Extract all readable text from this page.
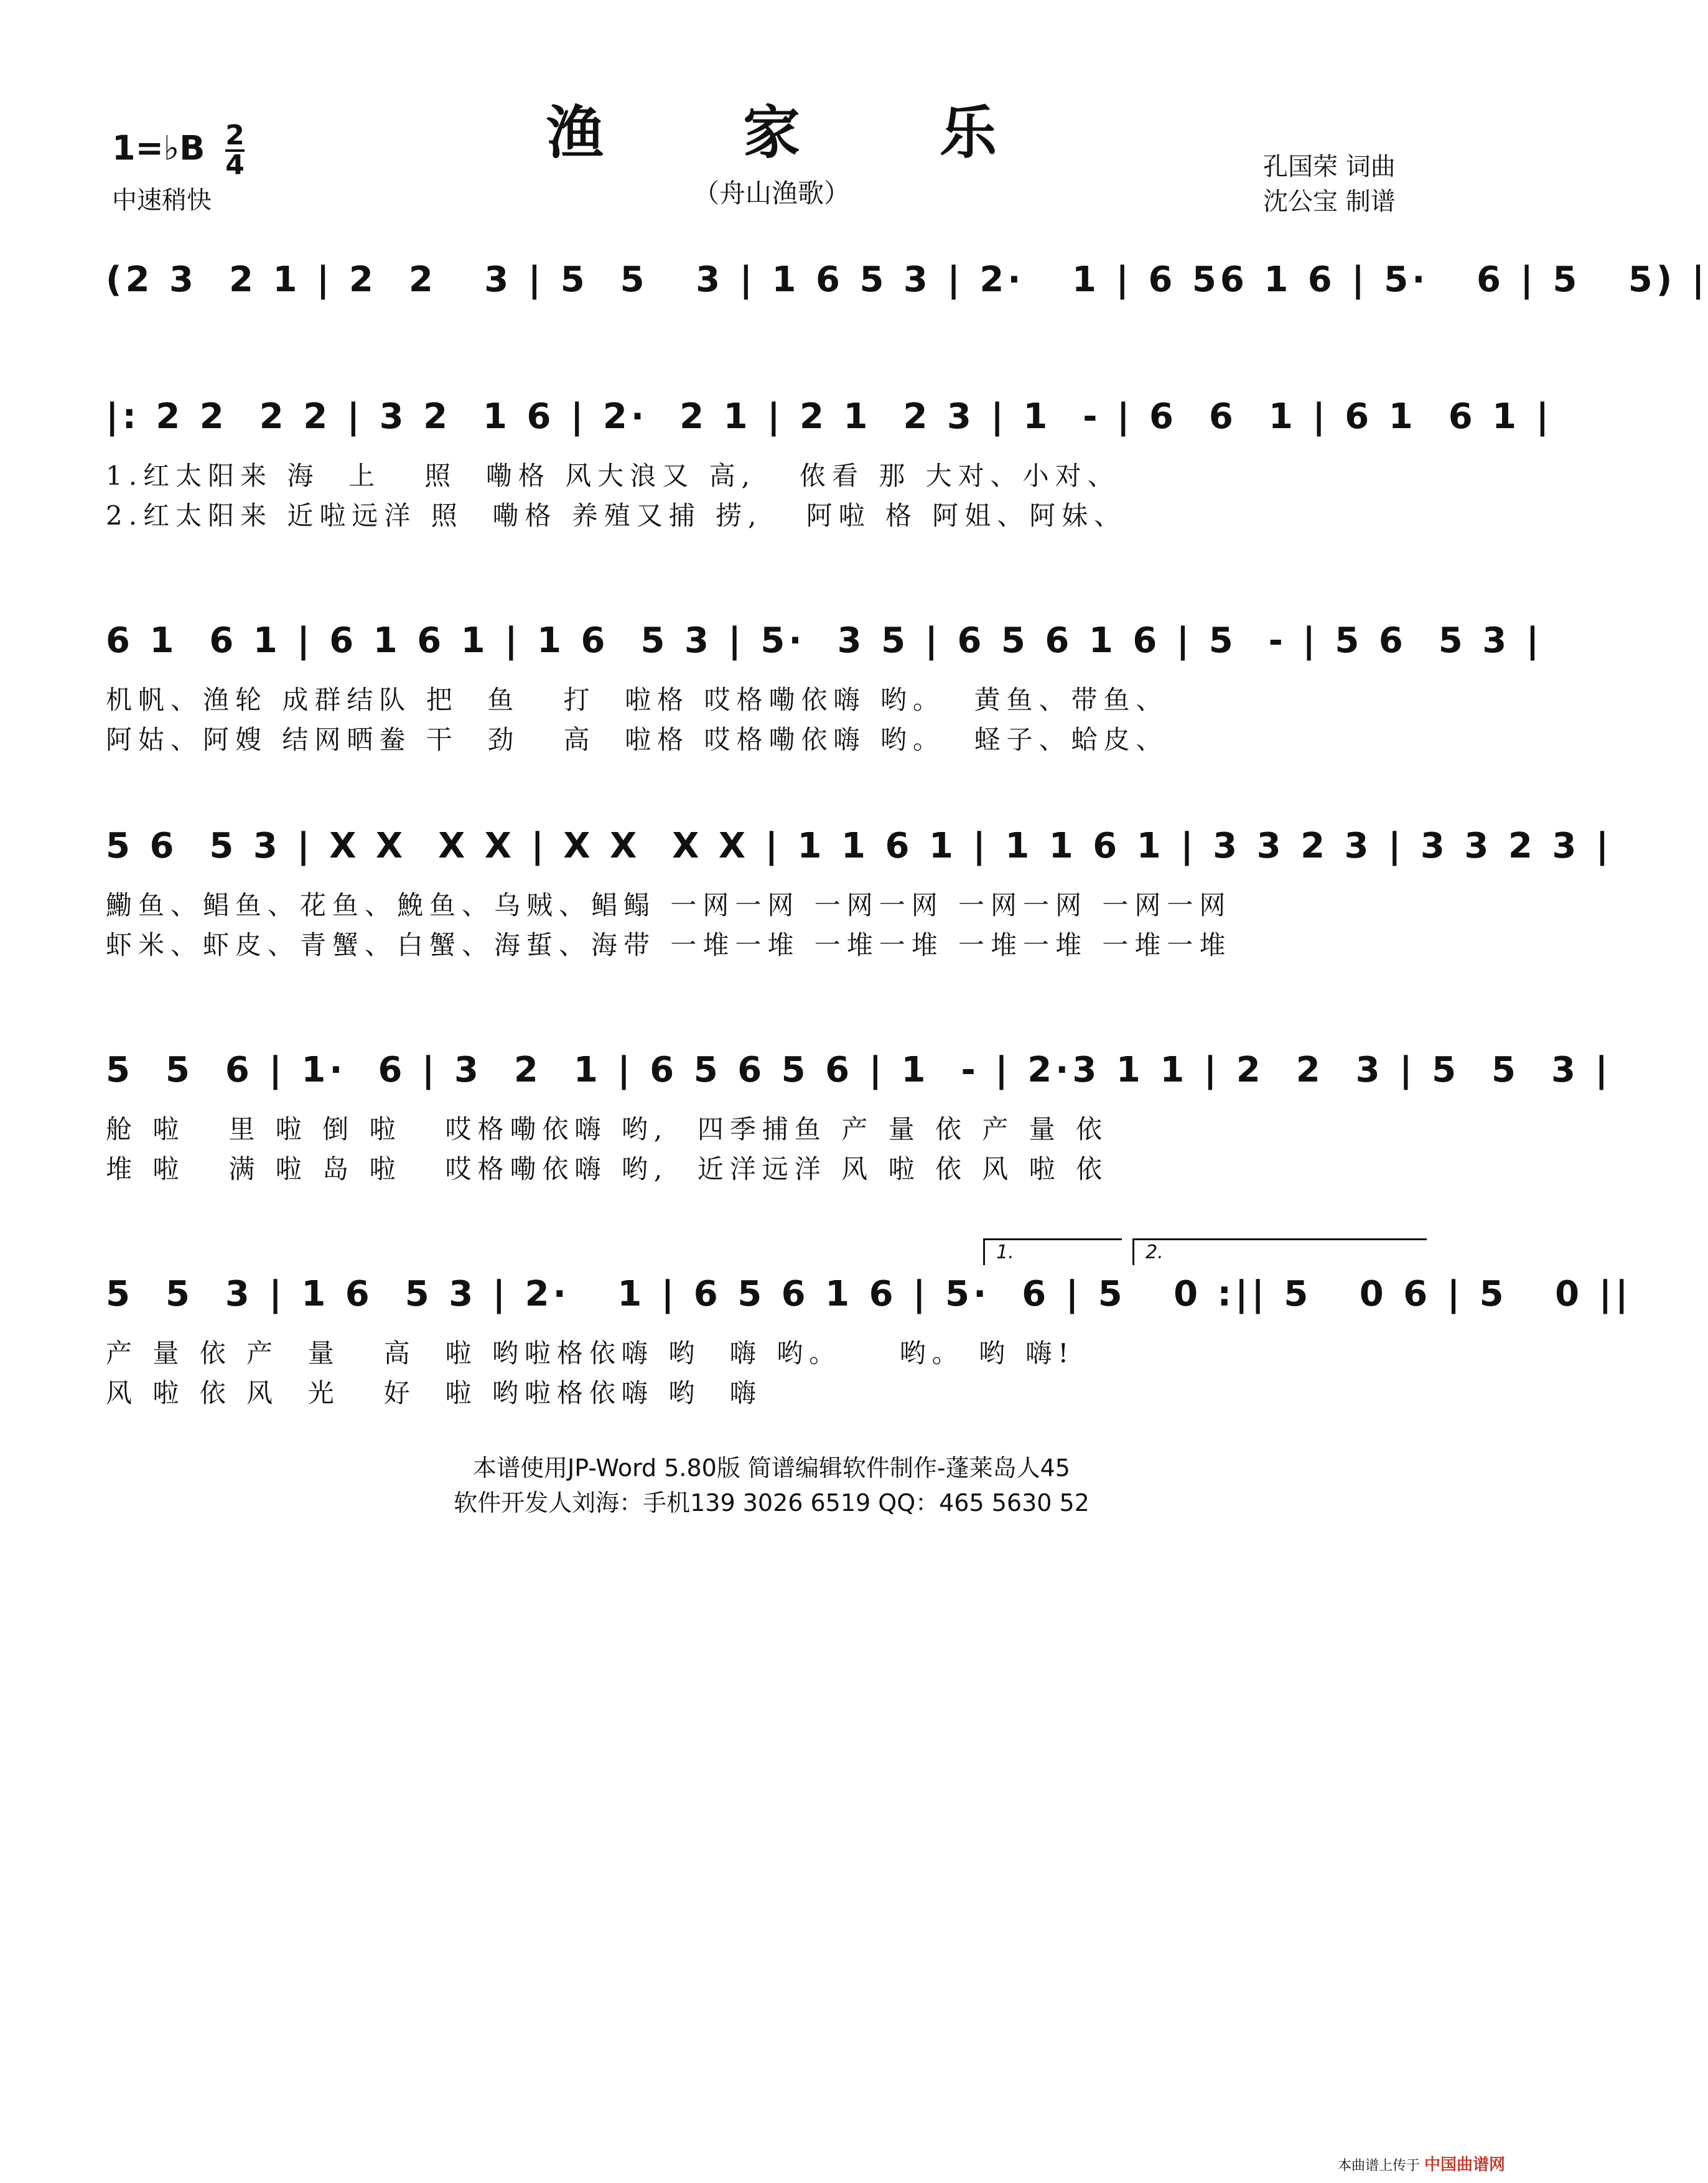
渔 家 乐
（舟山渔歌）
1=♭B $\frac{2}{4}$
中速稍快
孔国荣 词曲
沈公宝 制谱
(2 3  2 1 | 2  2   3 | 5  5   3 | 1 6 5 3 | 2·   1 | 6 56 1 6 | 5·   6 | 5   5) |
|: 2 2  2 2 | 3 2  1 6 | 2·  2 1 | 2 1  2 3 | 1  - | 6  6  1 | 6 1  6 1 |
1.红太阳来 海  上   照  嘞格 风大浪又 高,   侬看 那 大对、小对、
2.红太阳来 近啦远洋 照  嘞格 养殖又捕 捞,   阿啦 格 阿姐、阿妹、
6 1  6 1 | 6 1 6 1 | 1 6  5 3 | 5·  3 5 | 6 5 6 1 6 | 5  - | 5 6  5 3 |
机帆、渔轮 成群结队 把  鱼   打  啦格 哎格嘞依嗨 哟。  黄鱼、带鱼、
阿姑、阿嫂 结网晒鲞 干  劲   高  啦格 哎格嘞依嗨 哟。  蛏子、蛤皮、
5 6  5 3 | X X  X X | X X  X X | 1 1 6 1 | 1 1 6 1 | 3 3 2 3 | 3 3 2 3 |
鰳鱼、鲳鱼、花鱼、鮸鱼、乌贼、鲳鳎 一网一网 一网一网 一网一网 一网一网
虾米、虾皮、青蟹、白蟹、海蜇、海带 一堆一堆 一堆一堆 一堆一堆 一堆一堆
5  5  6 | 1·  6 | 3  2  1 | 6 5 6 5 6 | 1  - | 2·3 1 1 | 2  2  3 | 5  5  3 |
舱 啦   里 啦 倒 啦   哎格嘞依嗨 哟,  四季捕鱼 产 量 依 产 量 依
堆 啦   满 啦 岛 啦   哎格嘞依嗨 哟,  近洋远洋 风 啦 依 风 啦 依
1.	2.
5  5  3 | 1 6  5 3 | 2·   1 | 6 5 6 1 6 | 5·  6 | 5   0 :|| 5   0 6 | 5   0 ||
产 量 依 产  量   高  啦 哟啦格依嗨 哟  嗨 哟。    哟。 哟 嗨!
风 啦 依 风  光   好  啦 哟啦格依嗨 哟  嗨
本谱使用JP-Word 5.80版 简谱编辑软件制作-蓬莱岛人45
软件开发人刘海：手机139 3026 6519 QQ：465 5630 52
本曲谱上传于 中国曲谱网
